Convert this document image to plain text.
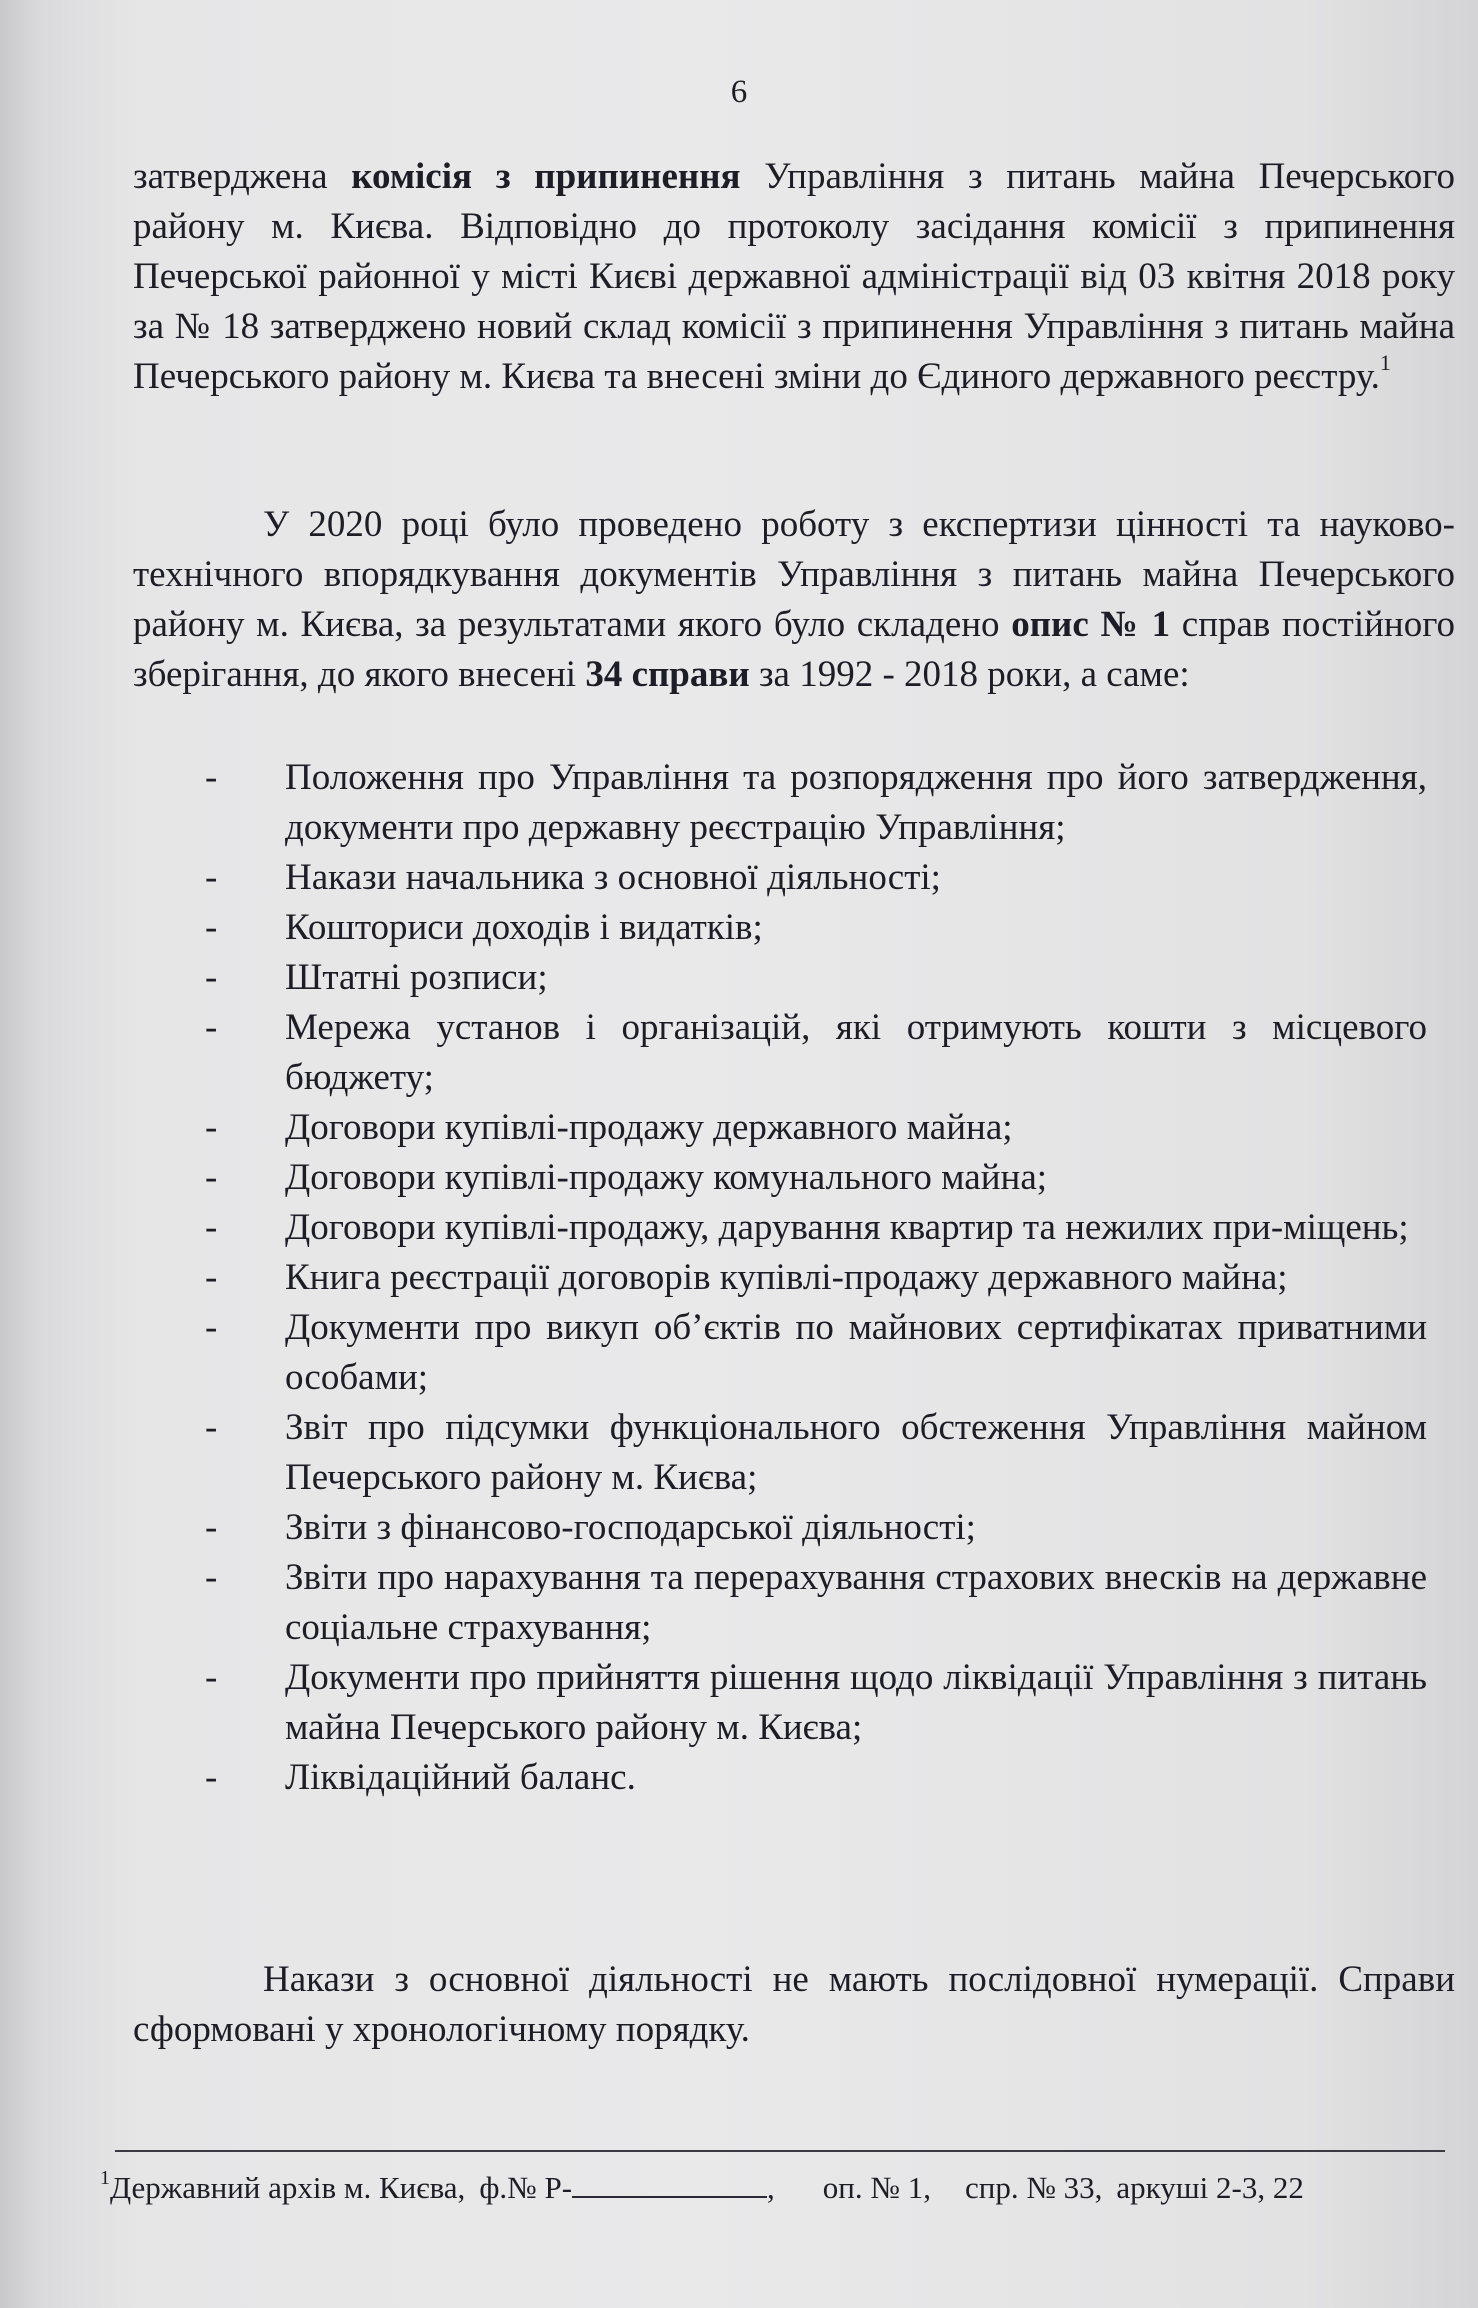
6

затверджена комісія з припинення Управління з питань майна Печерського району м. Києва. Відповідно до протоколу засідання комісії з припинення Печерської районної у місті Києві державної адміністрації від 03 квітня 2018 року за № 18 затверджено новий склад комісії з припинення Управління з питань майна Печерського району м. Києва та внесені зміни до Єдиного державного реєстру.$^1$

У 2020 році було проведено роботу з експертизи цінності та науково-технічного впорядкування документів Управління з питань майна Печерського району м. Києва, за результатами якого було складено опис № 1 справ постійного зберігання, до якого внесені 34 справи за 1992 - 2018 роки, а саме:

- Положення про Управління та розпорядження про його затвердження, документи про державну реєстрацію Управління;
- Накази начальника з основної діяльності;
- Кошториси доходів і видатків;
- Штатні розписи;
- Мережа установ і організацій, які отримують кошти з місцевого бюджету;
- Договори купівлі-продажу державного майна;
- Договори купівлі-продажу комунального майна;
- Договори купівлі-продажу, дарування квартир та нежилих при-міщень;
- Книга реєстрації договорів купівлі-продажу державного майна;
- Документи про викуп об’єктів по майнових сертифікатах приватними особами;
- Звіт про підсумки функціонального обстеження Управління майном Печерського району м. Києва;
- Звіти з фінансово-господарської діяльності;
- Звіти про нарахування та перерахування страхових внесків на державне соціальне страхування;
- Документи про прийняття рішення щодо ліквідації Управління з питань майна Печерського району м. Києва;
- Ліквідаційний баланс.

Накази з основної діяльності не мають послідовної нумерації. Справи сформовані у хронологічному порядку.

$^1$Державний архів м. Києва, ф.№ Р-	, оп. № 1, спр. № 33, аркуші 2-3, 22
